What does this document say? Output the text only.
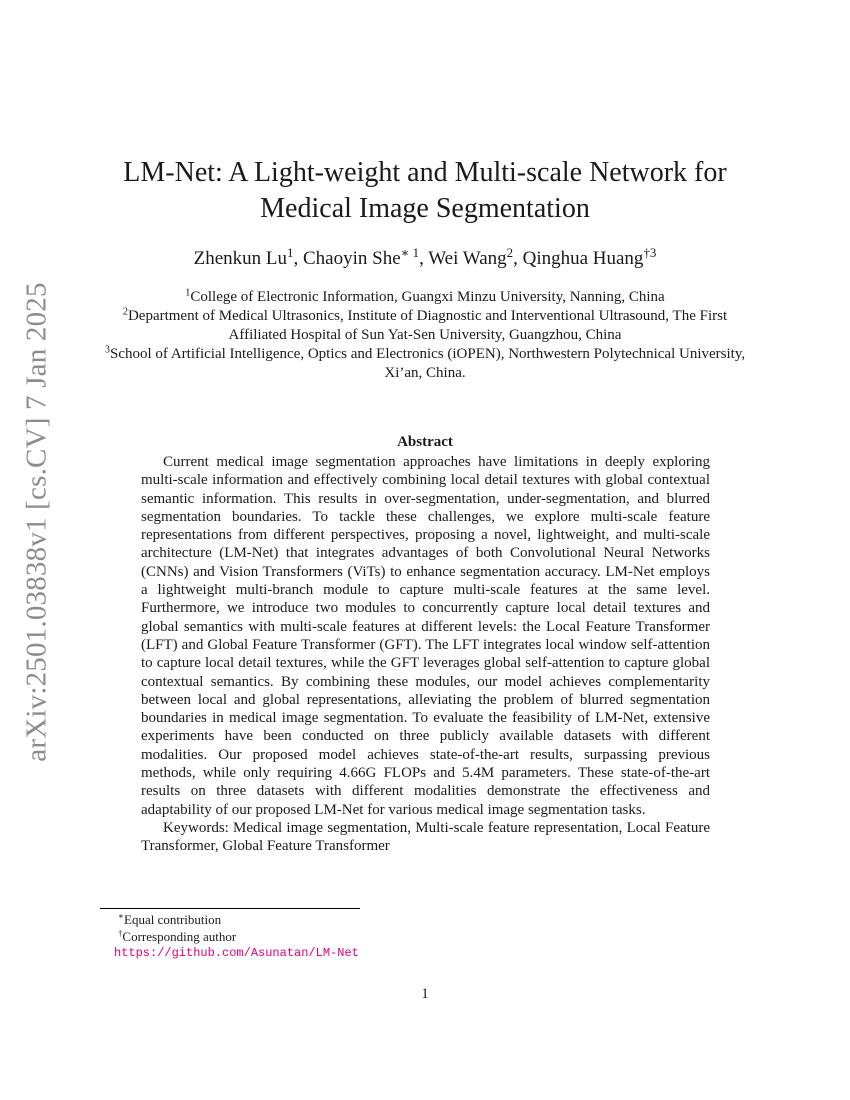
arXiv:2501.03838v1 [cs.CV] 7 Jan 2025
LM-Net: A Light-weight and Multi-scale Network for
Medical Image Segmentation
Zhenkun Lu$^1$, Chaoyin She$^{∗ 1}$, Wei Wang$^2$, Qinghua Huang$^{\dagger 3}$
$^1$College of Electronic Information, Guangxi Minzu University, Nanning, China
$^2$Department of Medical Ultrasonics, Institute of Diagnostic and Interventional Ultrasound, The First Affiliated Hospital of Sun Yat-Sen University, Guangzhou, China
$^3$School of Artificial Intelligence, Optics and Electronics (iOPEN), Northwestern Polytechnical University, Xi’an, China.
Abstract

Current medical image segmentation approaches have limitations in deeply exploring multi-scale information and effectively combining local detail textures with global contextual semantic information. This results in over-segmentation, under-segmentation, and blurred segmentation boundaries. To tackle these challenges, we explore multi-scale feature representations from different perspectives, proposing a novel, lightweight, and multi-scale architecture (LM-Net) that integrates advantages of both Convolutional Neural Networks (CNNs) and Vision Transformers (ViTs) to enhance segmentation accuracy. LM-Net employs a lightweight multi-branch module to capture multi-scale features at the same level. Furthermore, we introduce two modules to concurrently capture local detail textures and global semantics with multi-scale features at different levels: the Local Feature Transformer (LFT) and Global Feature Transformer (GFT). The LFT integrates local window self-attention to capture local detail textures, while the GFT leverages global self-attention to capture global contextual semantics. By combining these modules, our model achieves complementarity between local and global representations, alleviating the problem of blurred segmentation boundaries in medical image segmentation. To evaluate the feasibility of LM-Net, extensive experiments have been conducted on three publicly available datasets with different modalities. Our proposed model achieves state-of-the-art results, surpassing previous methods, while only requiring 4.66G FLOPs and 5.4M parameters. These state-of-the-art results on three datasets with different modalities demonstrate the effectiveness and adaptability of our proposed LM-Net for various medical image segmentation tasks.

Keywords: Medical image segmentation, Multi-scale feature representation, Local Feature Transformer, Global Feature Transformer

∗Equal contribution
†Corresponding author
https://github.com/Asunatan/LM-Net
1
